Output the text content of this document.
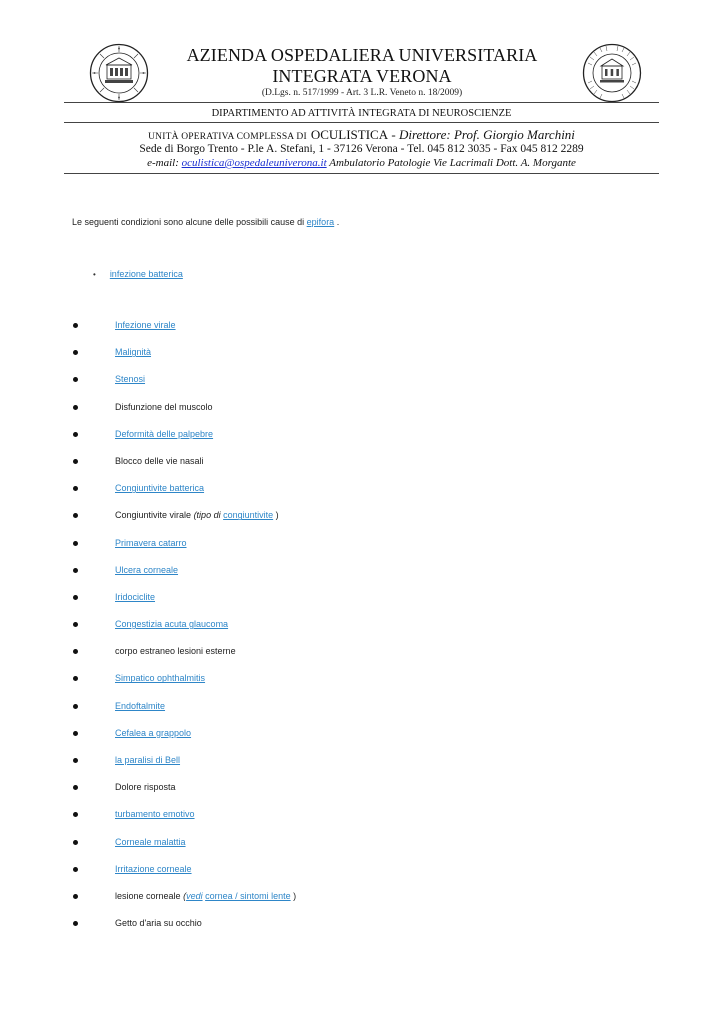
AZIENDA OSPEDALIERA UNIVERSITARIA INTEGRATA VERONA
(D.Lgs. n. 517/1999 - Art. 3 L.R. Veneto n. 18/2009)
DIPARTIMENTO AD ATTIVITÀ INTEGRATA DI NEUROSCIENZE
UNITÀ OPERATIVA COMPLESSA DI OCULISTICA - Direttore: Prof. Giorgio Marchini
Sede di Borgo Trento - P.le A. Stefani, 1 - 37126 Verona - Tel. 045 812 3035 - Fax 045 812 2289
e-mail: oculistica@ospedaleuniverona.it Ambulatorio Patologie Vie Lacrimali Dott. A. Morgante
Le seguenti condizioni sono alcune delle possibili cause di epifora .
• infezione batterica
Infezione virale
Malignità
Stenosi
Disfunzione del muscolo
Deformità delle palpebre
Blocco delle vie nasali
Congiuntivite batterica
Congiuntivite virale (tipo di congiuntivite )
Primavera catarro
Ulcera corneale
Iridociclite
Congestizia acuta glaucoma
corpo estraneo lesioni esterne
Simpatico ophthalmitis
Endoftalmite
Cefalea a grappolo
la paralisi di Bell
Dolore risposta
turbamento emotivo
Corneale malattia
Irritazione corneale
lesione corneale (vedi cornea / sintomi lente )
Getto d'aria su occhio
